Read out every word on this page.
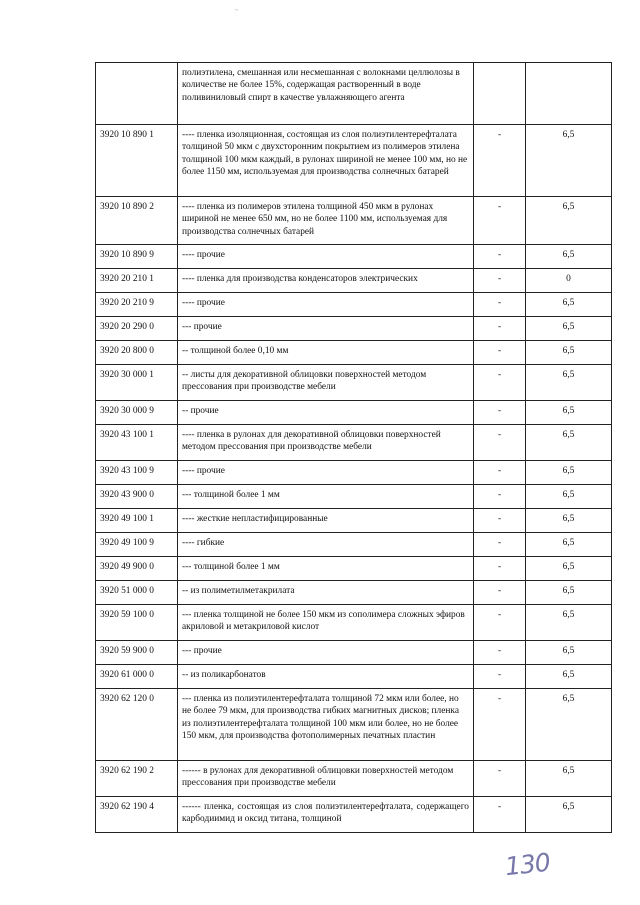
~
	полиэтилена, смешанная или несмешанная с волокнами целлюлозы в количестве не более 15%, содержащая растворенный в воде поливиниловый спирт в качестве увлажняющего агента		
3920 10 890 1	---- пленка изоляционная, состоящая из слоя полиэтилентерефталата толщиной 50 мкм с двухсторонним покрытием из полимеров этилена толщиной 100 мкм каждый, в рулонах шириной не менее 100 мм, но не более 1150 мм, используемая для производства солнечных батарей	-	6,5
3920 10 890 2	---- пленка из полимеров этилена толщиной 450 мкм в рулонах шириной не менее 650 мм, но не более 1100 мм, используемая для производства солнечных батарей	-	6,5
3920 10 890 9	---- прочие	-	6,5
3920 20 210 1	---- пленка для производства конденсаторов электрических	-	0
3920 20 210 9	---- прочие	-	6,5
3920 20 290 0	--- прочие	-	6,5
3920 20 800 0	-- толщиной более 0,10 мм	-	6,5
3920 30 000 1	-- листы для декоративной облицовки поверхностей методом прессования при производстве мебели	-	6,5
3920 30 000 9	-- прочие	-	6,5
3920 43 100 1	---- пленка в рулонах для декоративной облицовки поверхностей методом прессования при производстве мебели	-	6,5
3920 43 100 9	---- прочие	-	6,5
3920 43 900 0	--- толщиной более 1 мм	-	6,5
3920 49 100 1	---- жесткие непластифицированные	-	6,5
3920 49 100 9	---- гибкие	-	6,5
3920 49 900 0	--- толщиной более 1 мм	-	6,5
3920 51 000 0	-- из полиметилметакрилата	-	6,5
3920 59 100 0	--- пленка толщиной не более 150 мкм из сополимера сложных эфиров акриловой и метакриловой кислот	-	6,5
3920 59 900 0	--- прочие	-	6,5
3920 61 000 0	-- из поликарбонатов	-	6,5
3920 62 120 0	--- пленка из полиэтилентерефталата толщиной 72 мкм или более, но не более 79 мкм, для производства гибких магнитных дисков; пленка из полиэтилентерефталата толщиной 100 мкм или более, но не более 150 мкм, для производства фотополимерных печатных пластин	-	6,5
3920 62 190 2	------ в рулонах для декоративной облицовки поверхностей методом прессования при производстве мебели	-	6,5
3920 62 190 4	------ пленка, состоящая из слоя полиэтилентерефталата, содержащего карбодиимид и оксид титана, толщиной	-	6,5
130
